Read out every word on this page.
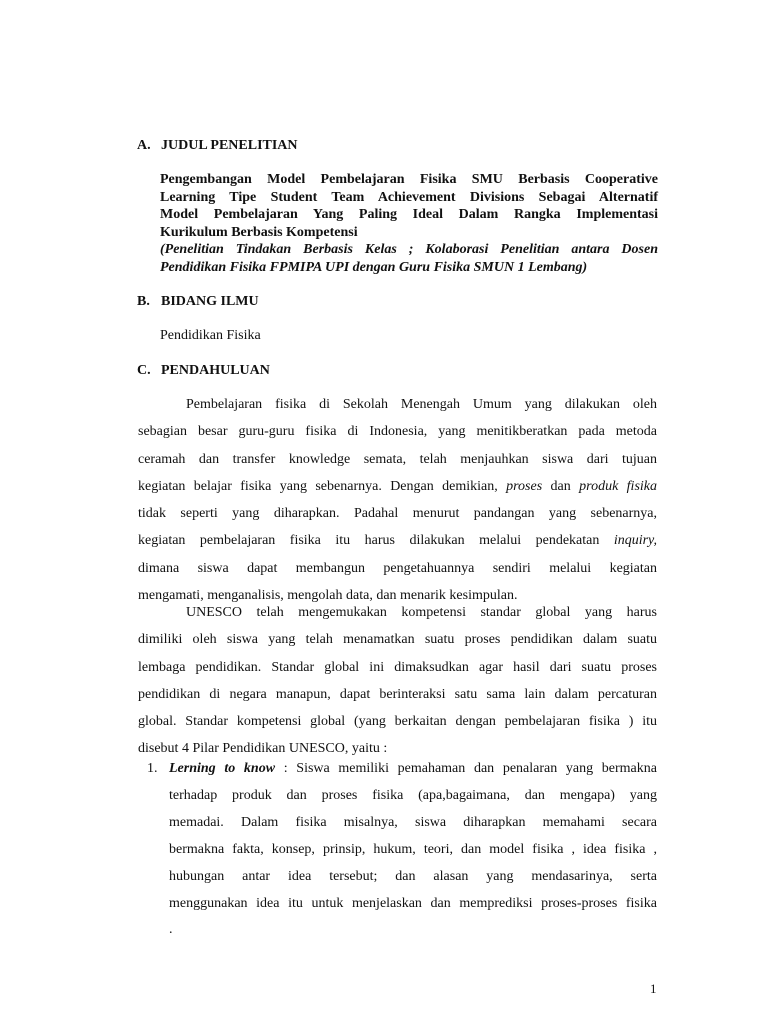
A. JUDUL PENELITIAN
Pengembangan Model Pembelajaran Fisika SMU Berbasis Cooperative
Learning Tipe Student Team Achievement Divisions Sebagai Alternatif
Model Pembelajaran Yang Paling Ideal Dalam Rangka Implementasi
Kurikulum Berbasis Kompetensi
(Penelitian Tindakan Berbasis Kelas ; Kolaborasi Penelitian antara Dosen
Pendidikan Fisika FPMIPA UPI dengan Guru Fisika SMUN 1 Lembang)
B. BIDANG ILMU
Pendidikan Fisika
C. PENDAHULUAN
Pembelajaran fisika di Sekolah Menengah Umum yang dilakukan oleh
sebagian besar guru-guru fisika di Indonesia, yang menitikberatkan pada metoda
ceramah dan transfer knowledge semata, telah menjauhkan siswa dari tujuan
kegiatan belajar fisika yang sebenarnya. Dengan demikian, proses dan produk fisika
tidak seperti yang diharapkan. Padahal menurut pandangan yang sebenarnya,
kegiatan pembelajaran fisika itu harus dilakukan melalui pendekatan inquiry,
dimana siswa dapat membangun pengetahuannya sendiri melalui kegiatan
mengamati, menganalisis, mengolah data, dan menarik kesimpulan.
UNESCO telah mengemukakan kompetensi standar global yang harus
dimiliki oleh siswa yang telah menamatkan suatu proses pendidikan dalam suatu
lembaga pendidikan. Standar global ini dimaksudkan agar hasil dari suatu proses
pendidikan di negara manapun, dapat berinteraksi satu sama lain dalam percaturan
global. Standar kompetensi global (yang berkaitan dengan pembelajaran fisika ) itu
disebut 4 Pilar Pendidikan UNESCO, yaitu :
1. Lerning to know : Siswa memiliki pemahaman dan penalaran yang bermakna
terhadap produk dan proses fisika (apa,bagaimana, dan mengapa) yang
memadai. Dalam fisika misalnya, siswa diharapkan memahami secara
bermakna fakta, konsep, prinsip, hukum, teori, dan model fisika , idea fisika ,
hubungan antar idea tersebut; dan alasan yang mendasarinya, serta
menggunakan idea itu untuk menjelaskan dan memprediksi proses-proses fisika
.
1
